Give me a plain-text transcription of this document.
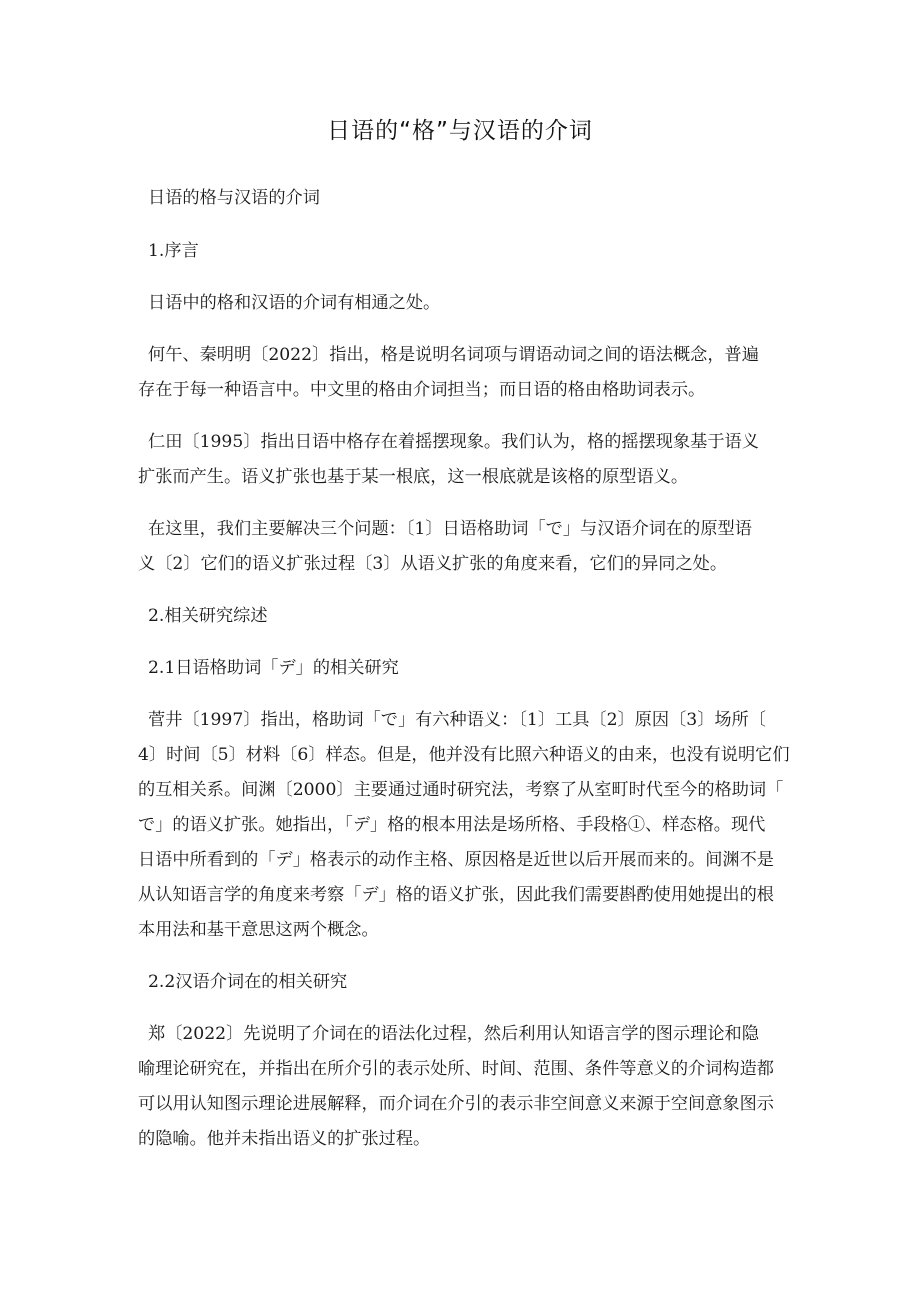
日语的“格”与汉语的介词

日语的格与汉语的介词

1.序言

日语中的格和汉语的介词有相通之处。

何午、秦明明〔2022〕指出，格是说明名词项与谓语动词之间的语法概念，普遍

存在于每一种语言中。中文里的格由介词担当；而日语的格由格助词表示。

仁田〔1995〕指出日语中格存在着摇摆现象。我们认为，格的摇摆现象基于语义

扩张而产生。语义扩张也基于某一根底，这一根底就是该格的原型语义。

在这里，我们主要解决三个问题：〔1〕日语格助词「で」与汉语介词在的原型语

义〔2〕它们的语义扩张过程〔3〕从语义扩张的角度来看，它们的异同之处。

2.相关研究综述

2.1日语格助词「デ」的相关研究

菅井〔1997〕指出，格助词「で」有六种语义：〔1〕工具〔2〕原因〔3〕场所〔

4〕时间〔5〕材料〔6〕样态。但是，他并没有比照六种语义的由来，也没有说明它们

的互相关系。间渊〔2000〕主要通过通时研究法，考察了从室町时代至今的格助词「

で」的语义扩张。她指出，「デ」格的根本用法是场所格、手段格①、样态格。现代

日语中所看到的「デ」格表示的动作主格、原因格是近世以后开展而来的。间渊不是

从认知语言学的角度来考察「デ」格的语义扩张，因此我们需要斟酌使用她提出的根

本用法和基干意思这两个概念。

2.2汉语介词在的相关研究

郑〔2022〕先说明了介词在的语法化过程，然后利用认知语言学的图示理论和隐

喻理论研究在，并指出在所介引的表示处所、时间、范围、条件等意义的介词构造都

可以用认知图示理论进展解释，而介词在介引的表示非空间意义来源于空间意象图示

的隐喻。他并未指出语义的扩张过程。
